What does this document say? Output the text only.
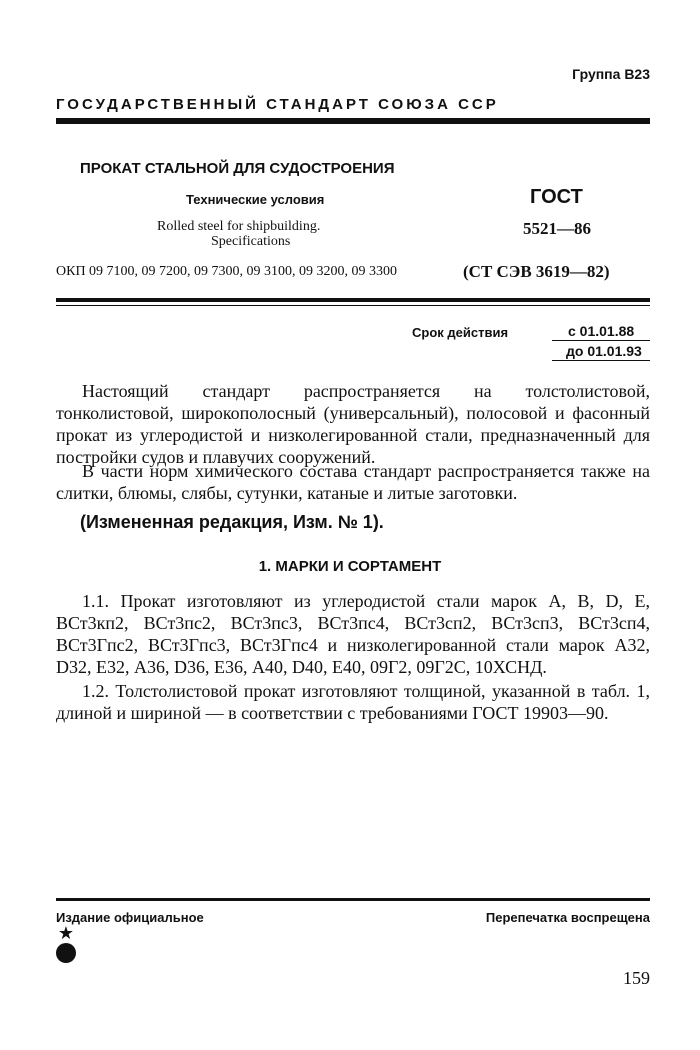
Группа В23
ГОСУДАРСТВЕННЫЙ СТАНДАРТ СОЮЗА ССР
ПРОКАТ СТАЛЬНОЙ ДЛЯ СУДОСТРОЕНИЯ
Технические условия
Rolled steel for shipbuilding.
Specifications
ОКП 09 7100, 09 7200, 09 7300, 09 3100, 09 3200, 09 3300
ГОСТ
5521—86
(СТ СЭВ 3619—82)
Срок действия	с 01.01.88
до 01.01.93

Настоящий стандарт распространяется на толстолистовой, тонколистовой, широкополосный (универсальный), полосовой и фасонный прокат из углеродистой и низколегированной стали, предназначенный для постройки судов и плавучих сооружений.

В части норм химического состава стандарт распространяется также на слитки, блюмы, слябы, сутунки, катаные и литые заготовки.

(Измененная редакция, Изм. № 1).
1. МАРКИ И СОРТАМЕНТ

1.1. Прокат изготовляют из углеродистой стали марок А, В, D, Е, ВСт3кп2, ВСт3пс2, ВСт3пс3, ВСт3пс4, ВСт3сп2, ВСт3сп3, ВСт3сп4, ВСт3Гпс2, ВСт3Гпс3, ВСт3Гпс4 и низколегированной стали марок А32, D32, Е32, А36, D36, Е36, А40, D40, Е40, 09Г2, 09Г2С, 10ХСНД.

1.2. Толстолистовой прокат изготовляют толщиной, указанной в табл. 1, длиной и шириной — в соответствии с требованиями ГОСТ 19903—90.

Издание официальное	Перепечатка воспрещена
★
159
